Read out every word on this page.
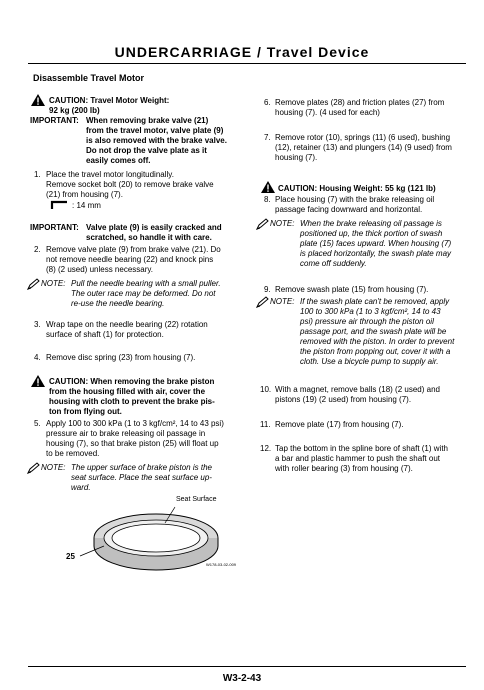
UNDERCARRIAGE / Travel Device
Disassemble Travel Motor
CAUTION: Travel Motor Weight:
92 kg (200 lb)
IMPORTANT: When removing brake valve (21)
from the travel motor, valve plate (9)
is also removed with the brake valve.
Do not drop the valve plate as it
easily comes off.
1. Place the travel motor longitudinally.
Remove socket bolt (20) to remove brake valve
(21) from housing (7).
: 14 mm
IMPORTANT: Valve plate (9) is easily cracked and
scratched, so handle it with care.
2. Remove valve plate (9) from brake valve (21). Do
not remove needle bearing (22) and knock pins
(8) (2 used) unless necessary.
NOTE: Pull the needle bearing with a small puller.
The outer race may be deformed. Do not
re-use the needle bearing.
3. Wrap tape on the needle bearing (22) rotation
surface of shaft (1) for protection.
4. Remove disc spring (23) from housing (7).
CAUTION: When removing the brake piston
from the housing filled with air, cover the
housing with cloth to prevent the brake pis-
ton from flying out.
5. Apply 100 to 300 kPa (1 to 3 kgf/cm², 14 to 43 psi)
pressure air to brake releasing oil passage in
housing (7), so that brake piston (25) will float up
to be removed.
NOTE: The upper surface of brake piston is the
seat surface. Place the seat surface up-
ward.
Seat Surface
25
W178-03-02-009
6. Remove plates (28) and friction plates (27) from
housing (7). (4 used for each)
7. Remove rotor (10), springs (11) (6 used), bushing
(12), retainer (13) and plungers (14) (9 used) from
housing (7).
CAUTION: Housing Weight: 55 kg (121 lb)
8. Place housing (7) with the brake releasing oil
passage facing downward and horizontal.
NOTE: When the brake releasing oil passage is
positioned up, the thick portion of swash
plate (15) faces upward. When housing (7)
is placed horizontally, the swash plate may
come off suddenly.
9. Remove swash plate (15) from housing (7).
NOTE: If the swash plate can't be removed, apply
100 to 300 kPa (1 to 3 kgf/cm², 14 to 43
psi) pressure air through the piston oil
passage port, and the swash plate will be
removed with the piston. In order to prevent
the piston from popping out, cover it with a
cloth. Use a bicycle pump to supply air.
10. With a magnet, remove balls (18) (2 used) and
pistons (19) (2 used) from housing (7).
11. Remove plate (17) from housing (7).
12. Tap the bottom in the spline bore of shaft (1) with
a bar and plastic hammer to push the shaft out
with roller bearing (3) from housing (7).
W3-2-43
